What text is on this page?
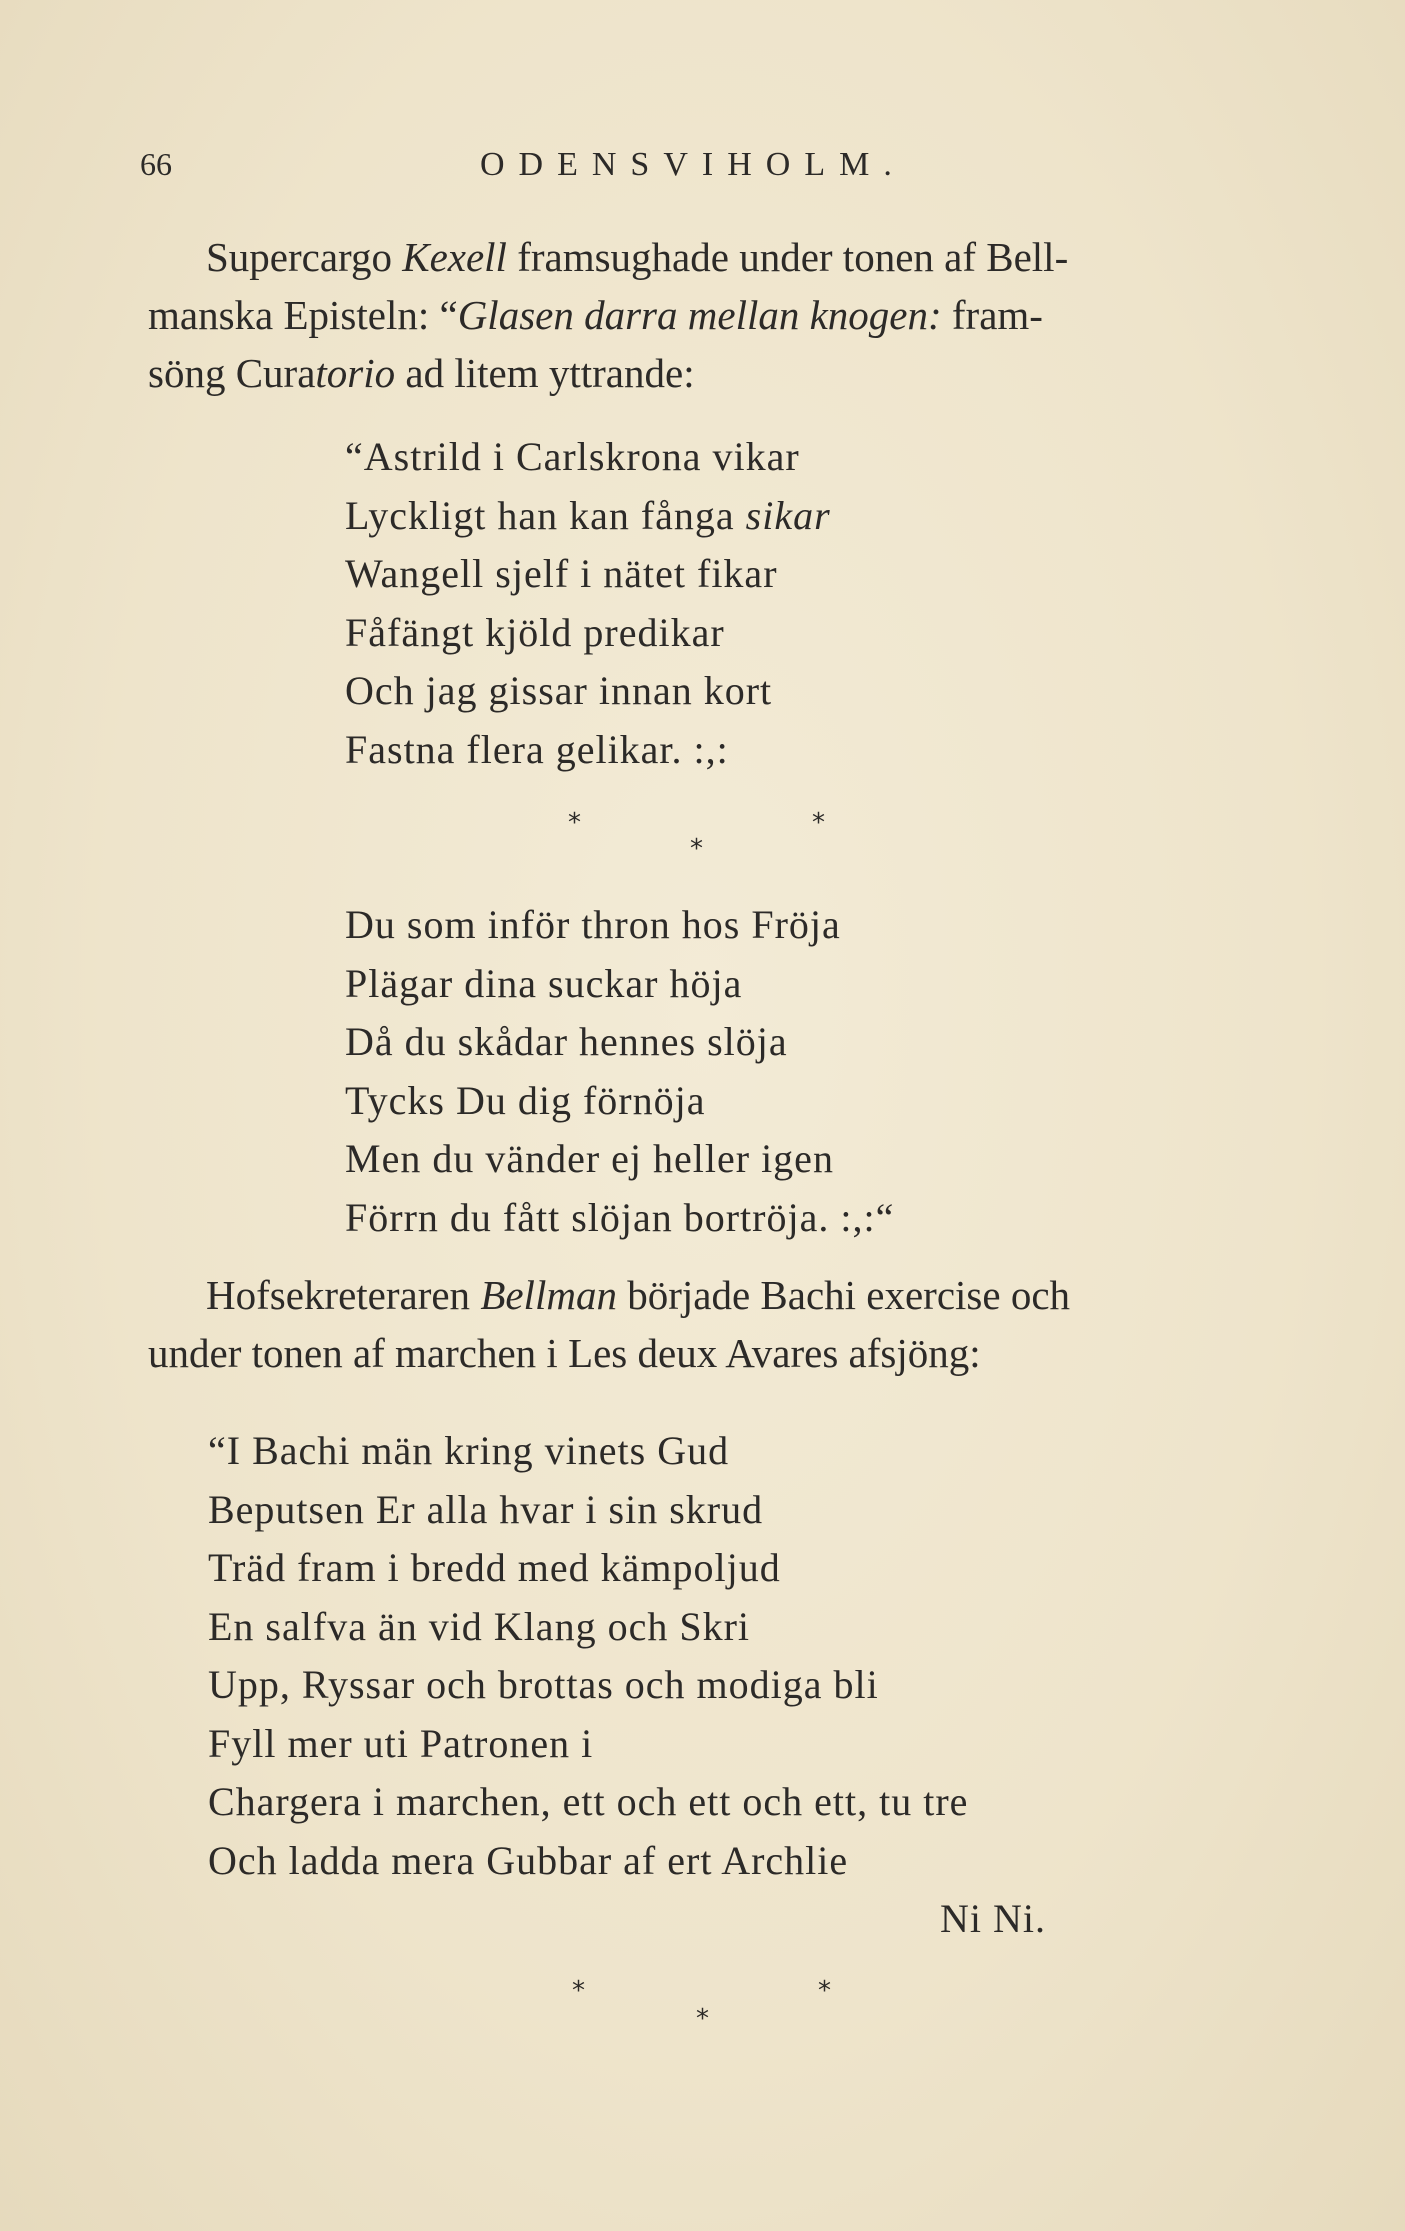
66	ODENSVIHOLM.
Supercargo Kexell framsughade under tonen af Bell-
manska Episteln: “Glasen darra mellan knogen: fram-
söng Curatorio ad litem yttrande:
“Astrild i Carlskrona vikar
Lyckligt han kan fånga sikar
Wangell sjelf i nätet fikar
Fåfängt kjöld predikar
Och jag gissar innan kort
Fastna flera gelikar. :,:
*	*
*
Du som inför thron hos Fröja
Plägar dina suckar höja
Då du skådar hennes slöja
Tycks Du dig förnöja
Men du vänder ej heller igen
Förrn du fått slöjan bortröja. :,:“
Hofsekreteraren Bellman började Bachi exercise och
under tonen af marchen i Les deux Avares afsjöng:
“I Bachi män kring vinets Gud
Beputsen Er alla hvar i sin skrud
Träd fram i bredd med kämpoljud
En salfva än vid Klang och Skri
Upp, Ryssar och brottas och modiga bli
Fyll mer uti Patronen i
Chargera i marchen, ett och ett och ett, tu tre
Och ladda mera Gubbar af ert Archlie
Ni Ni.
*	*
*
